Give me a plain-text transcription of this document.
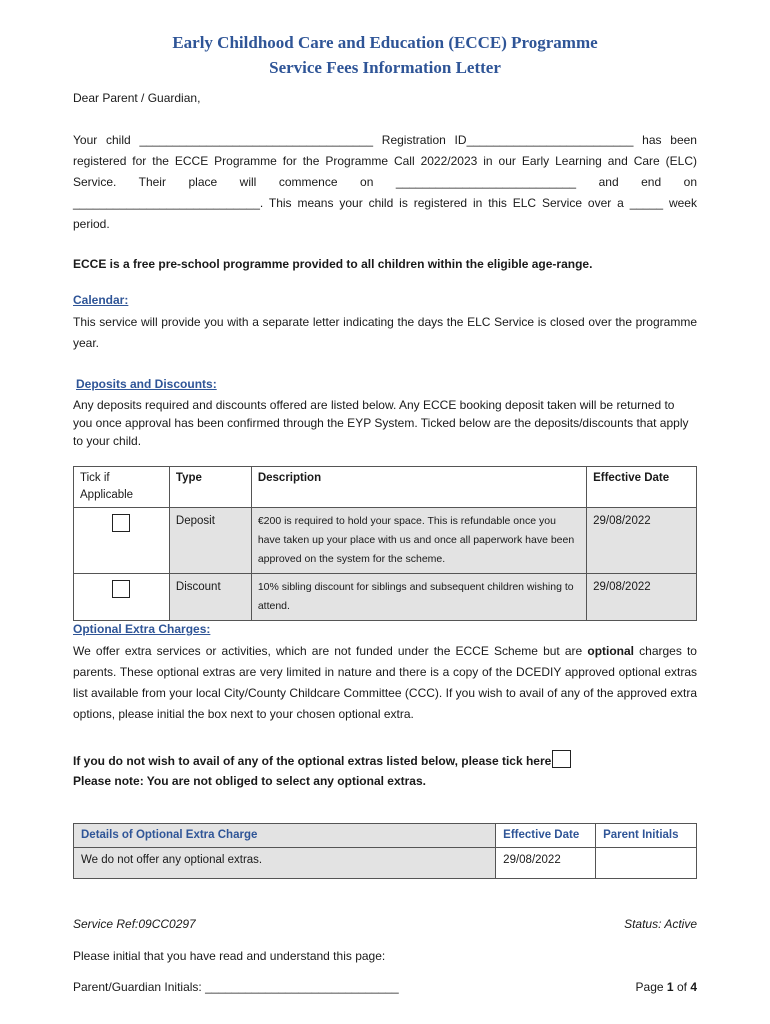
Early Childhood Care and Education (ECCE) Programme
Service Fees Information Letter
Dear Parent / Guardian,
Your child ___________________________________ Registration ID_________________________ has been
registered for the ECCE Programme for the Programme Call 2022/2023 in our Early Learning and Care (ELC)
Service. Their place will commence on ___________________________ and end on
____________________________. This means your child is registered in this ELC Service over a _____ week
period.
ECCE is a free pre-school programme provided to all children within the eligible age-range.
Calendar:
This service will provide you with a separate letter indicating the days the ELC Service is closed over the programme year.
Deposits and Discounts:
Any deposits required and discounts offered are listed below. Any ECCE booking deposit taken will be returned to you once approval has been confirmed through the EYP System. Ticked below are the deposits/discounts that apply to your child.
Tick if Applicable	Type	Description	Effective Date
	Deposit	€200 is required to hold your space. This is refundable once you have taken up your place with us and once all paperwork have been approved on the system for the scheme.	29/08/2022
	Discount	10% sibling discount for siblings and subsequent children wishing to attend.	29/08/2022
Optional Extra Charges:
We offer extra services or activities, which are not funded under the ECCE Scheme but are optional charges to parents. These optional extras are very limited in nature and there is a copy of the DCEDIY approved optional extras list available from your local City/County Childcare Committee (CCC). If you wish to avail of any of the approved extra options, please initial the box next to your chosen optional extra.
If you do not wish to avail of any of the optional extras listed below, please tick here
Please note: You are not obliged to select any optional extras.
Details of Optional Extra Charge	Effective Date	Parent Initials
We do not offer any optional extras.	29/08/2022	
Service Ref:09CC0297	Status: Active
Please initial that you have read and understand this page:
Parent/Guardian Initials: _____________________________	Page 1 of 4
